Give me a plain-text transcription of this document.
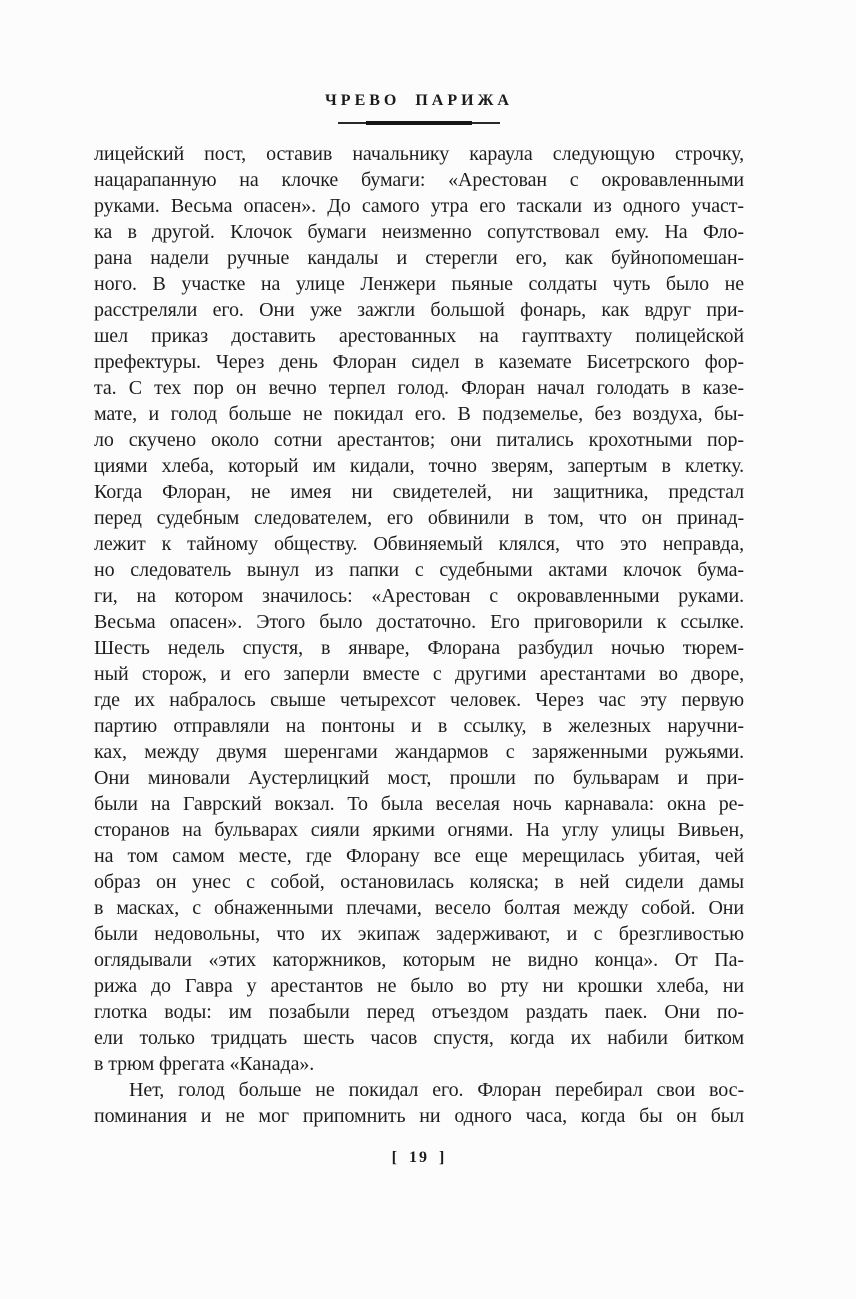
ЧРЕВО ПАРИЖА
лицейский пост, оставив начальнику караула следующую строчку,
нацарапанную на клочке бумаги: «Арестован с окровавленными
руками. Весьма опасен». До самого утра его таскали из одного участ-
ка в другой. Клочок бумаги неизменно сопутствовал ему. На Фло-
рана надели ручные кандалы и стерегли его, как буйнопомешан-
ного. В участке на улице Ленжери пьяные солдаты чуть было не
расстреляли его. Они уже зажгли большой фонарь, как вдруг при-
шел приказ доставить арестованных на гауптвахту полицейской
префектуры. Через день Флоран сидел в каземате Бисетрского фор-
та. С тех пор он вечно терпел голод. Флоран начал голодать в казе-
мате, и голод больше не покидал его. В подземелье, без воздуха, бы-
ло скучено около сотни арестантов; они питались крохотными пор-
циями хлеба, который им кидали, точно зверям, запертым в клетку.
Когда Флоран, не имея ни свидетелей, ни защитника, предстал
перед судебным следователем, его обвинили в том, что он принад-
лежит к тайному обществу. Обвиняемый клялся, что это неправда,
но следователь вынул из папки с судебными актами клочок бума-
ги, на котором значилось: «Арестован с окровавленными руками.
Весьма опасен». Этого было достаточно. Его приговорили к ссылке.
Шесть недель спустя, в январе, Флорана разбудил ночью тюрем-
ный сторож, и его заперли вместе с другими арестантами во дворе,
где их набралось свыше четырехсот человек. Через час эту первую
партию отправляли на понтоны и в ссылку, в железных наручни-
ках, между двумя шеренгами жандармов с заряженными ружьями.
Они миновали Аустерлицкий мост, прошли по бульварам и при-
были на Гаврский вокзал. То была веселая ночь карнавала: окна ре-
сторанов на бульварах сияли яркими огнями. На углу улицы Вивьен,
на том самом месте, где Флорану все еще мерещилась убитая, чей
образ он унес с собой, остановилась коляска; в ней сидели дамы
в масках, с обнаженными плечами, весело болтая между собой. Они
были недовольны, что их экипаж задерживают, и с брезгливостью
оглядывали «этих каторжников, которым не видно конца». От Па-
рижа до Гавра у арестантов не было во рту ни крошки хлеба, ни
глотка воды: им позабыли перед отъездом раздать паек. Они по-
ели только тридцать шесть часов спустя, когда их набили битком
в трюм фрегата «Канада».
Нет, голод больше не покидал его. Флоран перебирал свои вос-
поминания и не мог припомнить ни одного часа, когда бы он был
[ 19 ]
